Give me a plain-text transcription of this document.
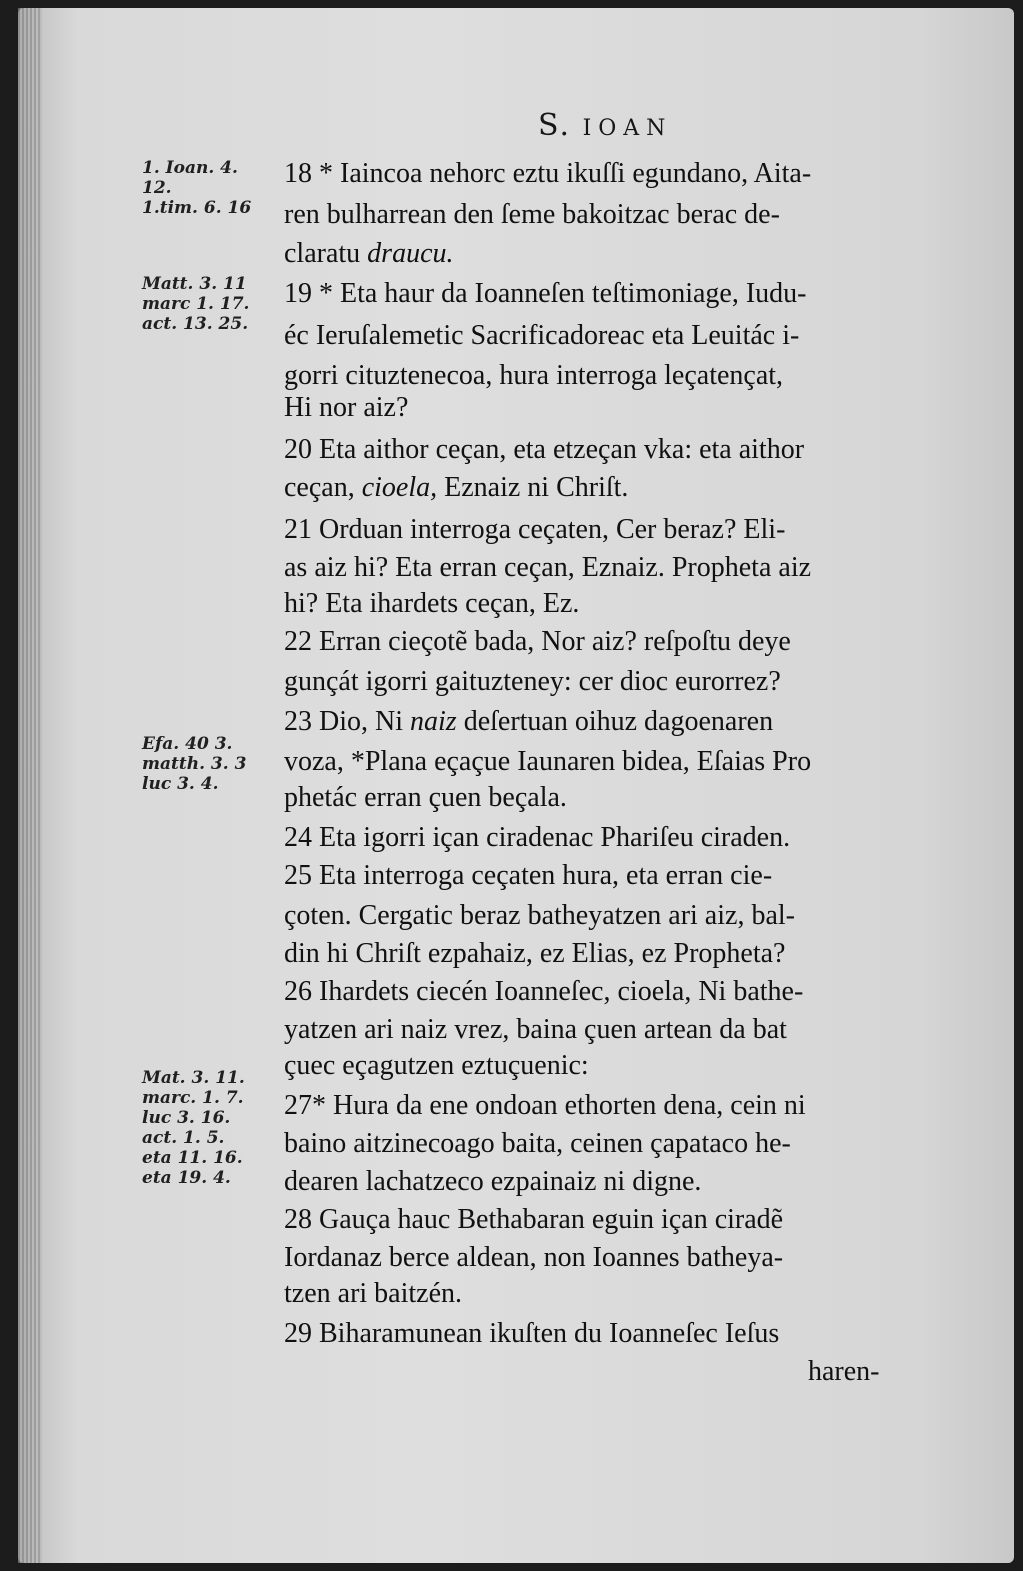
S. IOAN
1. Ioan. 4.
12.
1.tim. 6. 16
Matt. 3. 11
marc 1. 17.
act. 13. 25.
Efa. 40 3.
matth. 3. 3
luc 3. 4.
Mat. 3. 11.
marc. 1. 7.
luc 3. 16.
act. 1. 5.
eta 11. 16.
eta 19. 4.
18 * Iaincoa nehorc eztu ikuſſi egundano, Aita-
ren bulharrean den ſeme bakoitzac berac de-
claratu draucu.
19 * Eta haur da Ioanneſen teſtimoniage, Iudu-
éc Ieruſalemetic Sacrificadoreac eta Leuitác i-
gorri cituztenecoa, hura interroga leçatençat,
Hi nor aiz?
20 Eta aithor ceçan, eta etzeçan vka: eta aithor
ceçan, cioela, Eznaiz ni Chriſt.
21 Orduan interroga ceçaten, Cer beraz? Eli-
as aiz hi? Eta erran ceçan, Eznaiz. Propheta aiz
hi? Eta ihardets ceçan, Ez.
22 Erran cieçotẽ bada, Nor aiz? reſpoſtu deye
gunçát igorri gaituzteney: cer dioc eurorrez?
23 Dio, Ni naiz deſertuan oihuz dagoenaren
voza, *Plana eçaçue Iaunaren bidea, Eſaias Pro
phetác erran çuen beçala.
24 Eta igorri içan ciradenac Phariſeu ciraden.
25 Eta interroga ceçaten hura, eta erran cie-
çoten. Cergatic beraz batheyatzen ari aiz, bal-
din hi Chriſt ezpahaiz, ez Elias, ez Propheta?
26 Ihardets ciecén Ioanneſec, cioela, Ni bathe-
yatzen ari naiz vrez, baina çuen artean da bat
çuec eçagutzen eztuçuenic:
27* Hura da ene ondoan ethorten dena, cein ni
baino aitzinecoago baita, ceinen çapataco he-
dearen lachatzeco ezpainaiz ni digne.
28 Gauça hauc Bethabaran eguin içan ciradẽ
Iordanaz berce aldean, non Ioannes batheya-
tzen ari baitzén.
29 Biharamunean ikuſten du Ioanneſec Ieſus
haren-
